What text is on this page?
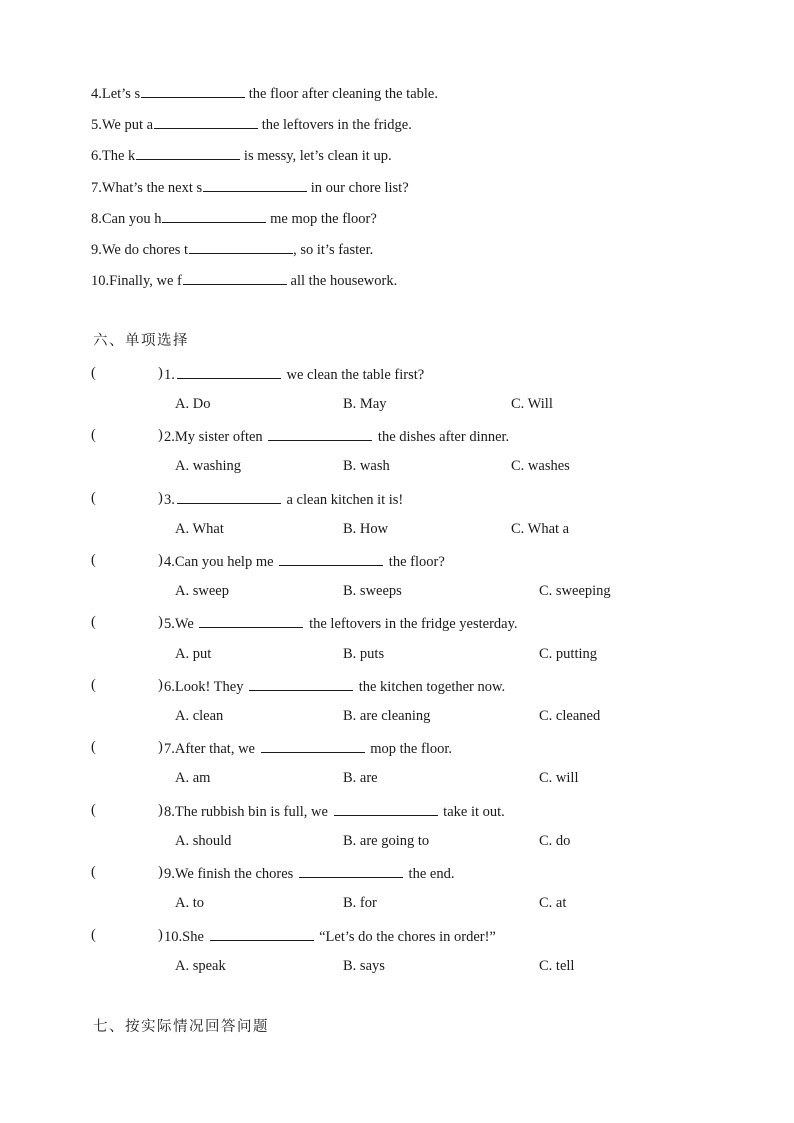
4.Let’s s	the floor after cleaning the table.
5.We put a	the leftovers in the fridge.
6.The k	is messy, let’s clean it up.
7.What’s the next s	in our chore list?
8.Can you h	me mop the floor?
9.We do chores t	, so it’s faster.
10.Finally, we f	all the housework.
六、单项选择
(	) 1.	we clean the table first?
A. Do	B. May	C. Will
(	) 2.My sister often	the dishes after dinner.
A. washing	B. wash	C. washes
(	) 3.	a clean kitchen it is!
A. What	B. How	C. What a
(	) 4.Can you help me	the floor?
A. sweep	B. sweeps	C. sweeping
(	) 5.We	the leftovers in the fridge yesterday.
A. put	B. puts	C. putting
(	) 6.Look! They	the kitchen together now.
A. clean	B. are cleaning	C. cleaned
(	) 7.After that, we	mop the floor.
A. am	B. are	C. will
(	) 8.The rubbish bin is full, we	take it out.
A. should	B. are going to	C. do
(	) 9.We finish the chores	the end.
A. to	B. for	C. at
(	) 10.She	“Let’s do the chores in order!”
A. speak	B. says	C. tell
七、按实际情况回答问题
